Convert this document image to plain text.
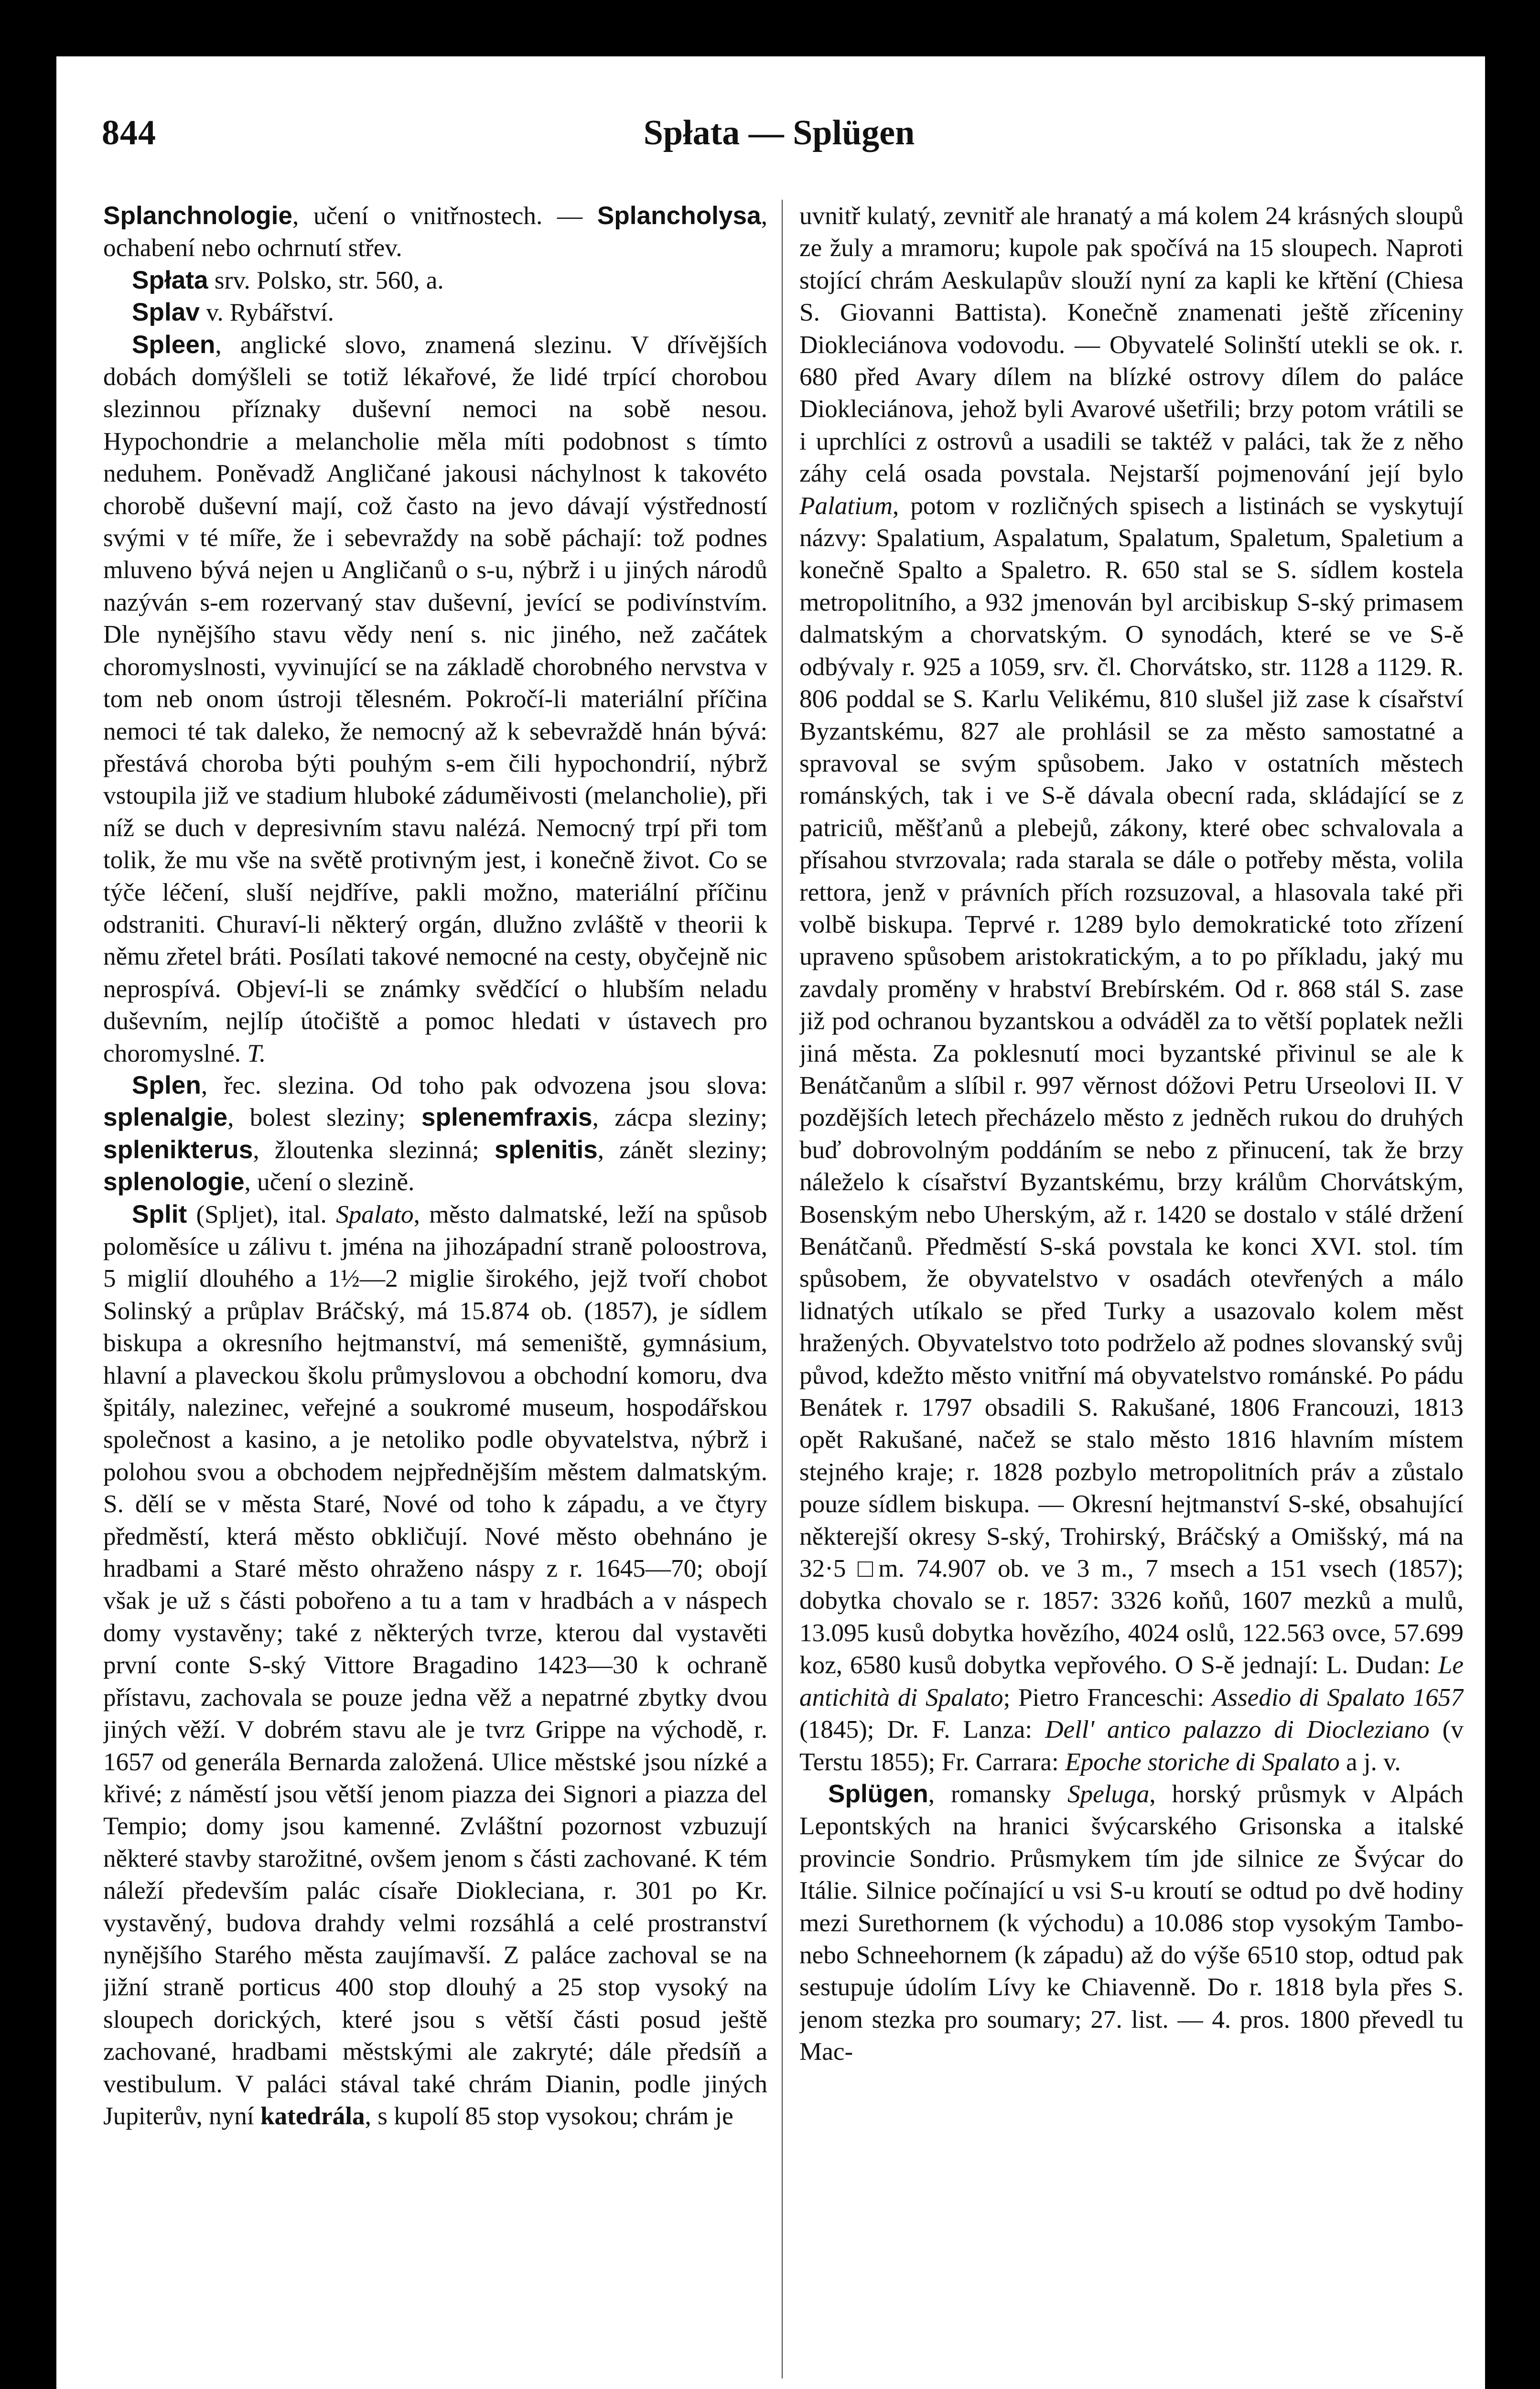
844	Spłata — Splügen

Splanchnologie, učení o vnitřnostech. — Splancholysa, ochabení nebo ochrnutí střev.

Spłata srv. Polsko, str. 560, a.

Splav v. Rybářství.

Spleen, anglické slovo, znamená slezinu. V dřívějších dobách domýšleli se totiž lékařové, že lidé trpící chorobou slezinnou příznaky duševní nemoci na sobě nesou. Hypochondrie a melancholie měla míti podobnost s tímto neduhem. Poněvadž Angličané jakousi náchylnost k takovéto chorobě duševní mají, což často na jevo dávají výstředností svými v té míře, že i sebevraždy na sobě páchají: tož podnes mluveno bývá nejen u Angličanů o s-u, nýbrž i u jiných národů nazýván s-em rozervaný stav duševní, jevící se podivínstvím. Dle nynějšího stavu vědy není s. nic jiného, než začátek choromyslnosti, vyvinující se na základě chorobného nervstva v tom neb onom ústroji tělesném. Pokročí-li materiální příčina nemoci té tak daleko, že nemocný až k sebevraždě hnán bývá: přestává choroba býti pouhým s-em čili hypochondrií, nýbrž vstoupila již ve stadium hluboké záduměivosti (melancholie), při níž se duch v depresivním stavu nalézá. Nemocný trpí při tom tolik, že mu vše na světě protivným jest, i konečně život. Co se týče léčení, sluší nejdříve, pakli možno, materiální příčinu odstraniti. Churaví-li některý orgán, dlužno zvláště v theorii k němu zřetel bráti. Posílati takové nemocné na cesty, obyčejně nic neprospívá. Objeví-li se známky svědčící o hlubším neladu duševním, nejlíp útočiště a pomoc hledati v ústavech pro choromyslné. T.

Splen, řec. slezina. Od toho pak odvozena jsou slova: splenalgie, bolest sleziny; splenemfraxis, zácpa sleziny; splenikterus, žloutenka slezinná; splenitis, zánět sleziny; splenologie, učení o slezině.

Split (Spljet), ital. Spalato, město dalmatské, leží na spůsob poloměsíce u zálivu t. jména na jihozápadní straně poloostrova, 5 miglií dlouhého a 1½—2 miglie širokého, jejž tvoří chobot Solinský a průplav Bráčský, má 15.874 ob. (1857), je sídlem biskupa a okresního hejtmanství, má semeniště, gymnásium, hlavní a plaveckou školu průmyslovou a obchodní komoru, dva špitály, nalezinec, veřejné a soukromé museum, hospodářskou společnost a kasino, a je netoliko podle obyvatelstva, nýbrž i polohou svou a obchodem nejpřednějším městem dalmatským. S. dělí se v města Staré, Nové od toho k západu, a ve čtyry předměstí, která město obkličují. Nové město obehnáno je hradbami a Staré město ohraženo náspy z r. 1645—70; obojí však je už s části pobořeno a tu a tam v hradbách a v náspech domy vystavěny; také z některých tvrze, kterou dal vystavěti první conte S-ský Vittore Bragadino 1423—30 k ochraně přístavu, zachovala se pouze jedna věž a nepatrné zbytky dvou jiných věží. V dobrém stavu ale je tvrz Grippe na východě, r. 1657 od generála Bernarda založená. Ulice městské jsou nízké a křivé; z náměstí jsou větší jenom piazza dei Signori a piazza del Tempio; domy jsou kamenné. Zvláštní pozornost vzbuzují některé stavby starožitné, ovšem jenom s části zachované. K tém náleží především palác císaře Diokleciana, r. 301 po Kr. vystavěný, budova drahdy velmi rozsáhlá a celé prostranství nynějšího Starého města zaujímavší. Z paláce zachoval se na jižní straně porticus 400 stop dlouhý a 25 stop vysoký na sloupech dorických, které jsou s větší části posud ještě zachované, hradbami městskými ale zakryté; dále předsíň a vestibulum. V paláci stával také chrám Dianin, podle jiných Jupiterův, nyní katedrála, s kupolí 85 stop vysokou; chrám je

uvnitř kulatý, zevnitř ale hranatý a má kolem 24 krásných sloupů ze žuly a mramoru; kupole pak spočívá na 15 sloupech. Naproti stojící chrám Aeskulapův slouží nyní za kapli ke křtění (Chiesa S. Giovanni Battista). Konečně znamenati ještě zříceniny Diokleciánova vodovodu. — Obyvatelé Solinští utekli se ok. r. 680 před Avary dílem na blízké ostrovy dílem do paláce Diokleciánova, jehož byli Avarové ušetřili; brzy potom vrátili se i uprchlíci z ostrovů a usadili se taktéž v paláci, tak že z něho záhy celá osada povstala. Nejstarší pojmenování její bylo Palatium, potom v rozličných spisech a listinách se vyskytují názvy: Spalatium, Aspalatum, Spalatum, Spaletum, Spaletium a konečně Spalto a Spaletro. R. 650 stal se S. sídlem kostela metropolitního, a 932 jmenován byl arcibiskup S-ský primasem dalmatským a chorvatským. O synodách, které se ve S-ě odbývaly r. 925 a 1059, srv. čl. Chorvátsko, str. 1128 a 1129. R. 806 poddal se S. Karlu Velikému, 810 slušel již zase k císařství Byzantskému, 827 ale prohlásil se za město samostatné a spravoval se svým spůsobem. Jako v ostatních městech románských, tak i ve S-ě dávala obecní rada, skládající se z patriciů, měšťanů a plebejů, zákony, které obec schvalovala a přísahou stvrzovala; rada starala se dále o potřeby města, volila rettora, jenž v právních přích rozsuzoval, a hlasovala také při volbě biskupa. Teprvé r. 1289 bylo demokratické toto zřízení upraveno spůsobem aristokratickým, a to po příkladu, jaký mu zavdaly proměny v hrabství Brebírském. Od r. 868 stál S. zase již pod ochranou byzantskou a odváděl za to větší poplatek nežli jiná města. Za poklesnutí moci byzantské přivinul se ale k Benátčanům a slíbil r. 997 věrnost dóžovi Petru Urseolovi II. V pozdějších letech přecházelo město z jedněch rukou do druhých buď dobrovolným poddáním se nebo z přinucení, tak že brzy náleželo k císařství Byzantskému, brzy králům Chorvátským, Bosenským nebo Uherským, až r. 1420 se dostalo v stálé držení Benátčanů. Předměstí S-ská povstala ke konci XVI. stol. tím spůsobem, že obyvatelstvo v osadách otevřených a málo lidnatých utíkalo se před Turky a usazovalo kolem měst hražených. Obyvatelstvo toto podrželo až podnes slovanský svůj původ, kdežto město vnitřní má obyvatelstvo románské. Po pádu Benátek r. 1797 obsadili S. Rakušané, 1806 Francouzi, 1813 opět Rakušané, načež se stalo město 1816 hlavním místem stejného kraje; r. 1828 pozbylo metropolitních práv a zůstalo pouze sídlem biskupa. — Okresní hejtmanství S-ské, obsahující některejší okresy S-ský, Trohirský, Bráčský a Omišský, má na 32·5 □m. 74.907 ob. ve 3 m., 7 msech a 151 vsech (1857); dobytka chovalo se r. 1857: 3326 koňů, 1607 mezků a mulů, 13.095 kusů dobytka hovězího, 4024 oslů, 122.563 ovce, 57.699 koz, 6580 kusů dobytka vepřového. O S-ě jednají: L. Dudan: Le antichità di Spalato; Pietro Franceschi: Assedio di Spalato 1657 (1845); Dr. F. Lanza: Dell' antico palazzo di Diocleziano (v Terstu 1855); Fr. Carrara: Epoche storiche di Spalato a j. v.

Splügen, romansky Speluga, horský průsmyk v Alpách Lepontských na hranici švýcarského Grisonska a italské provincie Sondrio. Průsmykem tím jde silnice ze Švýcar do Itálie. Silnice počínající u vsi S-u kroutí se odtud po dvě hodiny mezi Surethornem (k východu) a 10.086 stop vysokým Tambo- nebo Schneehornem (k západu) až do výše 6510 stop, odtud pak sestupuje údolím Lívy ke Chiavenně. Do r. 1818 byla přes S. jenom stezka pro soumary; 27. list. — 4. pros. 1800 převedl tu Mac-
